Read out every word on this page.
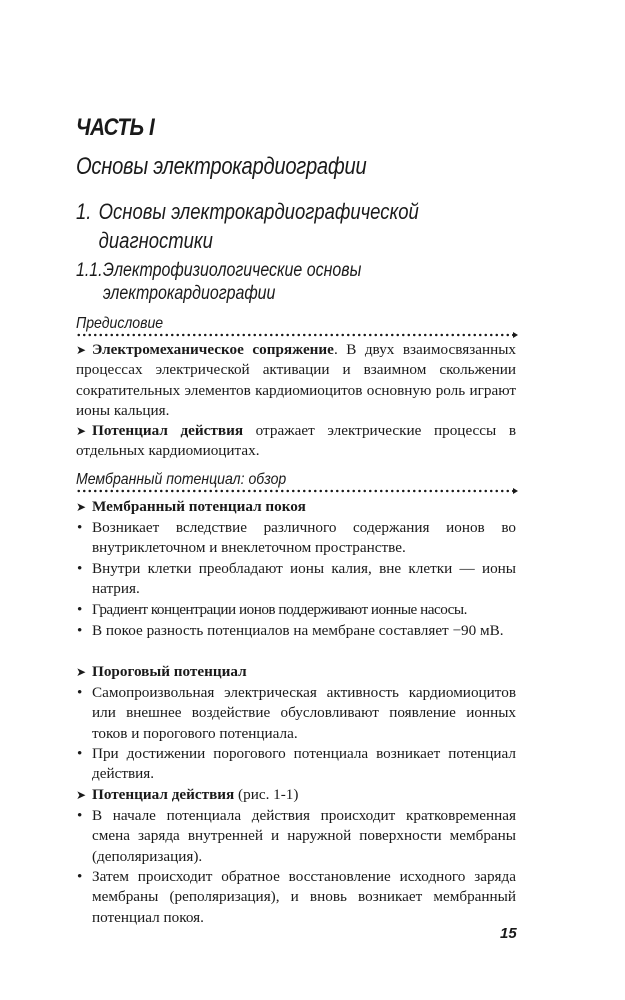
ЧАСТЬ I
Основы электрокардиографии
1. Основы электрокардиографической
диагностики
1.1.Электрофизиологические основы
электрокардиографии
Предисловие
➤ Электромеханическое сопряжение. В двух взаимосвязанных процессах электрической активации и взаимном скольжении сократительных элементов кардиомиоцитов основную роль играют ионы кальция.
➤ Потенциал действия отражает электрические процессы в отдельных кардиомиоцитах.
Мембранный потенциал: обзор
➤ Мембранный потенциал покоя
• Возникает вследствие различного содержания ионов во внутриклеточном и внеклеточном пространстве.
• Внутри клетки преобладают ионы калия, вне клетки — ионы натрия.
• Градиент концентрации ионов поддерживают ионные насосы.
• В покое разность потенциалов на мембране составляет −90 мВ.
➤ Пороговый потенциал
• Самопроизвольная электрическая активность кардиомиоцитов или внешнее воздействие обусловливают появление ионных токов и порогового потенциала.
• При достижении порогового потенциала возникает потенциал действия.
➤ Потенциал действия (рис. 1-1)
• В начале потенциала действия происходит кратковременная смена заряда внутренней и наружной поверхности мембраны (деполяризация).
• Затем происходит обратное восстановление исходного заряда мембраны (реполяризация), и вновь возникает мембранный потенциал покоя.
15
